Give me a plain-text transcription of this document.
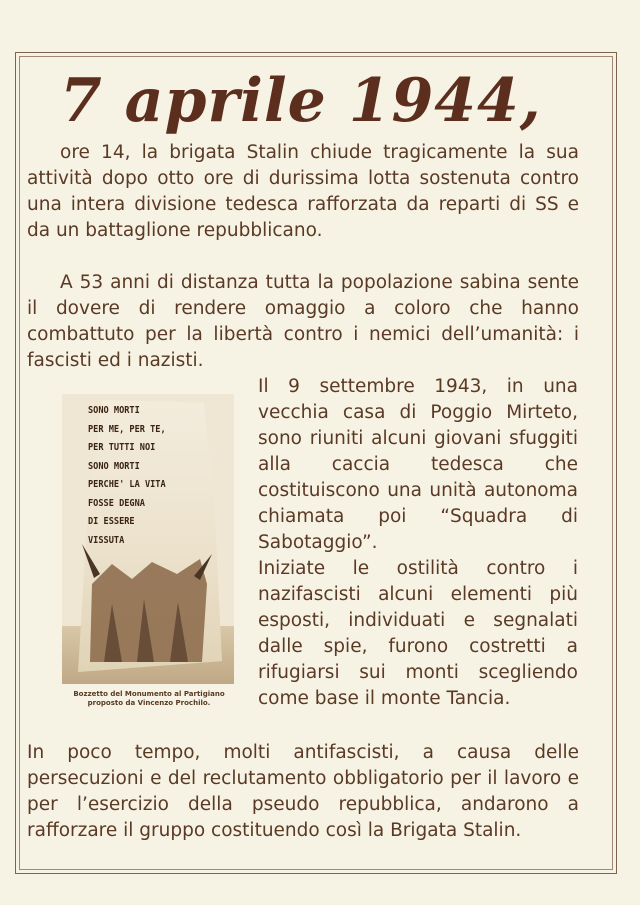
7 aprile 1944,

ore 14, la brigata Stalin chiude tragicamente la sua attività dopo otto ore di durissima lotta sostenuta contro una intera divisione tedesca rafforzata da reparti di SS e da un battaglione repubblicano.

A 53 anni di distanza tutta la popolazione sabina sente il dovere di rendere omaggio a coloro che hanno combattuto per la libertà contro i nemici dell’umanità: i fascisti ed i nazisti.

SONO MORTI
PER ME, PER TE,
PER TUTTI NOI
SONO MORTI
PERCHE' LA VITA
FOSSE DEGNA
DI ESSERE
VISSUTA
Bozzetto del Monumento al Partigiano
proposto da Vincenzo Prochilo.

Il 9 settembre 1943, in una vecchia casa di Poggio Mirteto, sono riuniti alcuni giovani sfuggiti alla caccia tedesca che costituiscono una unità autonoma chiamata poi “Squadra di Sabotaggio”.

Iniziate le ostilità contro i nazifascisti alcuni elementi più esposti, individuati e segnalati dalle spie, furono costretti a rifugiarsi sui monti scegliendo come base il monte Tancia.

In poco tempo, molti antifascisti, a causa delle persecuzioni e del reclutamento obbligatorio per il lavoro e per l’esercizio della pseudo repubblica, andarono a rafforzare il gruppo costituendo così la Brigata Stalin.
